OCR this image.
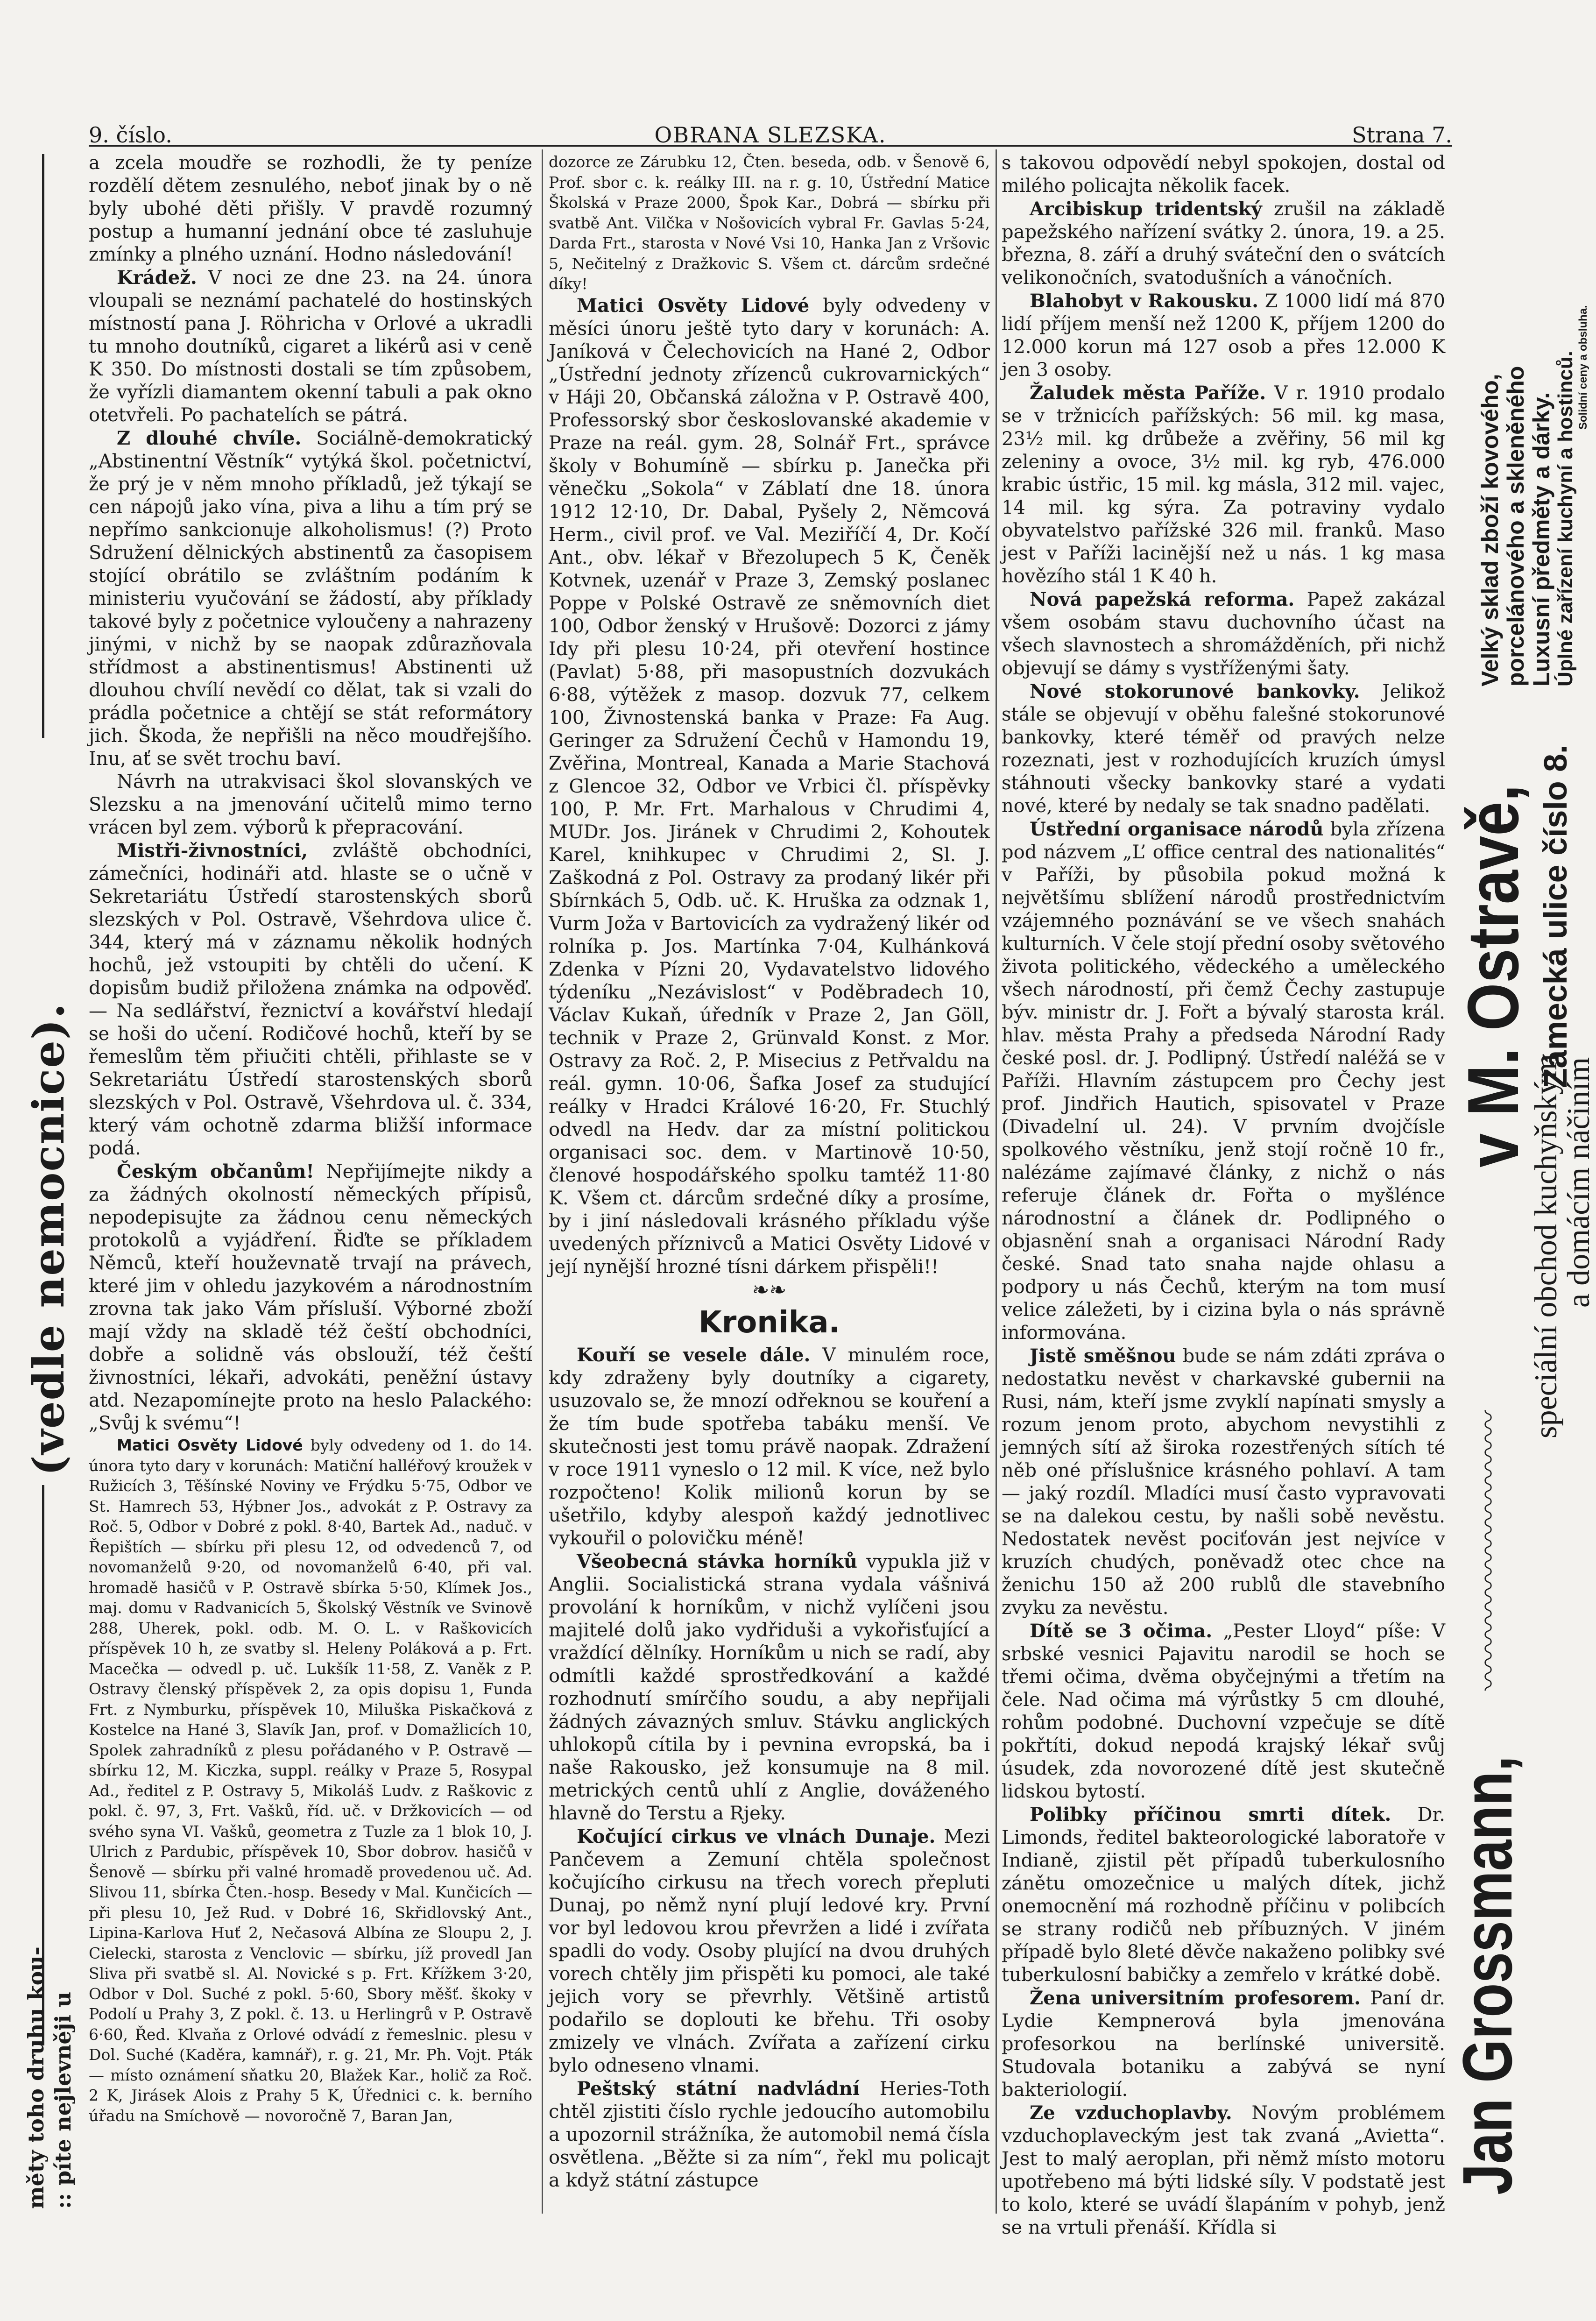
9. číslo.	OBRANA SLEZSKA.	Strana 7.
(vedle nemocnice).
měty toho druhu kou- :: píte nejlevněji u

a zcela moudře se rozhodli, že ty peníze rozdělí dětem zesnulého, neboť jinak by o ně byly ubohé děti přišly. V pravdě rozumný postup a humanní jednání obce té zasluhuje zmínky a plného uznání. Hodno následování!

Krádež. V noci ze dne 23. na 24. února vloupali se neznámí pachatelé do hostinských místností pana J. Röhricha v Orlové a ukradli tu mnoho doutníků, cigaret a likérů asi v ceně K 350. Do místnosti dostali se tím způsobem, že vyřízli diamantem okenní tabuli a pak okno otetvřeli. Po pachatelích se pátrá.

Z dlouhé chvíle. Sociálně-demokratický „Abstinentní Věstník“ vytýká škol. početnictví, že prý je v něm mnoho příkladů, jež týkají se cen nápojů jako vína, piva a lihu a tím prý se nepřímo sankcionuje alkoholismus! (?) Proto Sdružení dělnických abstinentů za časopisem stojící obrátilo se zvláštním podáním k ministeriu vyučování se žádostí, aby příklady takové byly z početnice vyloučeny a nahrazeny jinými, v nichž by se naopak zdůrazňovala střídmost a abstinentismus! Abstinenti už dlouhou chvílí nevědí co dělat, tak si vzali do prádla početnice a chtějí se stát reformátory jich. Škoda, že nepřišli na něco moudřejšího. Inu, ať se svět trochu baví.

Návrh na utrakvisaci škol slovanských ve Slezsku a na jmenování učitelů mimo terno vrácen byl zem. výborů k přepracování.

Mistři-živnostníci, zvláště obchodníci, zámečníci, hodináři atd. hlaste se o učně v Sekretariátu Ústředí starostenských sborů slezských v Pol. Ostravě, Všehrdova ulice č. 344, který má v záznamu několik hodných hochů, jež vstoupiti by chtěli do učení. K dopisům budiž přiložena známka na odpověď. — Na sedlářství, řeznictví a kovářství hledají se hoši do učení. Rodičové hochů, kteří by se řemeslům těm přiučiti chtěli, přihlaste se v Sekretariátu Ústředí starostenských sborů slezských v Pol. Ostravě, Všehrdova ul. č. 334, který vám ochotně zdarma bližší informace podá.

Českým občanům! Nepřijímejte nikdy a za žádných okolností německých přípisů, nepodepisujte za žádnou cenu německých protokolů a vyjádření. Řiďte se příkladem Němců, kteří houževnatě trvají na právech, které jim v ohledu jazykovém a národnostním zrovna tak jako Vám přísluší. Výborné zboží mají vždy na skladě též čeští obchodníci, dobře a solidně vás obslouží, též čeští živnostníci, lékaři, advokáti, peněžní ústavy atd. Nezapomínejte proto na heslo Palackého: „Svůj k svému“!

Matici Osvěty Lidové byly odvedeny od 1. do 14. února tyto dary v korunách: Matiční halléřový kroužek v Ružicích 3, Těšínské Noviny ve Frýdku 5·75, Odbor ve St. Hamrech 53, Hýbner Jos., advokát z P. Ostravy za Roč. 5, Odbor v Dobré z pokl. 8·40, Bartek Ad., naduč. v Řepištích — sbírku při plesu 12, od odvedenců 7, od novomanželů 9·20, od novomanželů 6·40, při val. hromadě hasičů v P. Ostravě sbírka 5·50, Klímek Jos., maj. domu v Radvanicích 5, Školský Věstník ve Svinově 288, Uherek, pokl. odb. M. O. L. v Raškovicích příspěvek 10 h, ze svatby sl. Heleny Poláková a p. Frt. Macečka — odvedl p. uč. Lukšík 11·58, Z. Vaněk z P. Ostravy členský příspěvek 2, za opis dopisu 1, Funda Frt. z Nymburku, příspěvek 10, Miluška Piskačková z Kostelce na Hané 3, Slavík Jan, prof. v Domažlicích 10, Spolek zahradníků z plesu pořádaného v P. Ostravě — sbírku 12, M. Kiczka, suppl. reálky v Praze 5, Rosypal Ad., ředitel z P. Ostravy 5, Mikoláš Ludv. z Raškovic z pokl. č. 97, 3, Frt. Vašků, říd. uč. v Držkovicích — od svého syna VI. Vašků, geometra z Tuzle za 1 blok 10, J. Ulrich z Pardubic, příspěvek 10, Sbor dobrov. hasičů v Šenově — sbírku při valné hromadě provedenou uč. Ad. Slivou 11, sbírka Čten.-hosp. Besedy v Mal. Kunčicích — při plesu 10, Jež Rud. v Dobré 16, Skřidlovský Ant., Lipina-Karlova Huť 2, Nečasová Albína ze Sloupu 2, J. Cielecki, starosta z Venclovic — sbírku, jíž provedl Jan Sliva při svatbě sl. Al. Novické s p. Frt. Křížkem 3·20, Odbor v Dol. Suché z pokl. 5·60, Sbory měšť. škoky v Podolí u Prahy 3, Z pokl. č. 13. u Herlingrů v P. Ostravě 6·60, Řed. Klvaňa z Orlové odvádí z řemeslnic. plesu v Dol. Suché (Kaděra, kamnář), r. g. 21, Mr. Ph. Vojt. Pták — místo oznámení sňatku 20, Blažek Kar., holič za Roč. 2 K, Jirásek Alois z Prahy 5 K, Úřednici c. k. berního úřadu na Smíchově — novoročně 7, Baran Jan,

dozorce ze Zárubku 12, Čten. beseda, odb. v Šenově 6, Prof. sbor c. k. reálky III. na r. g. 10, Ústřední Matice Školská v Praze 2000, Špok Kar., Dobrá — sbírku při svatbě Ant. Vilčka v Nošovicích vybral Fr. Gavlas 5·24, Darda Frt., starosta v Nové Vsi 10, Hanka Jan z Vršovic 5, Nečitelný z Dražkovic S. Všem ct. dárcům srdečné díky!

Matici Osvěty Lidové byly odvedeny v měsíci únoru ještě tyto dary v korunách: A. Janíková v Čelechovicích na Hané 2, Odbor „Ústřední jednoty zřízenců cukrovarnických“ v Háji 20, Občanská záložna v P. Ostravě 400, Professorský sbor českoslovanské akademie v Praze na reál. gym. 28, Solnář Frt., správce školy v Bohumíně — sbírku p. Janečka při věnečku „Sokola“ v Záblatí dne 18. února 1912 12·10, Dr. Dabal, Pyšely 2, Němcová Herm., civil prof. ve Val. Meziříčí 4, Dr. Kočí Ant., obv. lékař v Březolupech 5 K, Čeněk Kotvnek, uzenář v Praze 3, Zemský poslanec Poppe v Polské Ostravě ze sněmovních diet 100, Odbor ženský v Hrušově: Dozorci z jámy Idy při plesu 10·24, při otevření hostince (Pavlat) 5·88, při masopustních dozvukách 6·88, výtěžek z masop. dozvuk 77, celkem 100, Živnostenská banka v Praze: Fa Aug. Geringer za Sdružení Čechů v Hamondu 19, Zvěřina, Montreal, Kanada a Marie Stachová z Glencoe 32, Odbor ve Vrbici čl. příspěvky 100, P. Mr. Frt. Marhalous v Chrudimi 4, MUDr. Jos. Jiránek v Chrudimi 2, Kohoutek Karel, knihkupec v Chrudimi 2, Sl. J. Zaškodná z Pol. Ostravy za prodaný likér při Sbírnkách 5, Odb. uč. K. Hruška za odznak 1, Vurm Joža v Bartovicích za vydražený likér od rolníka p. Jos. Martínka 7·04, Kulhánková Zdenka v Pízni 20, Vydavatelstvo lidového týdeníku „Nezávislost“ v Poděbradech 10, Václav Kukaň, úředník v Praze 2, Jan Göll, technik v Praze 2, Grünvald Konst. z Mor. Ostravy za Roč. 2, P. Misecius z Petřvaldu na reál. gymn. 10·06, Šafka Josef za studující reálky v Hradci Králové 16·20, Fr. Stuchlý odvedl na Hedv. dar za místní politickou organisaci soc. dem. v Martinově 10·50, členové hospodářského spolku tamtéž 11·80 K. Všem ct. dárcům srdečné díky a prosíme, by i jiní následovali krásného příkladu výše uvedených příznivců a Matici Osvěty Lidové v její nynější hrozné tísni dárkem přispěli!!

❧❧

Kronika.

Kouří se vesele dále. V minulém roce, kdy zdraženy byly doutníky a cigarety, usuzovalo se, že mnozí odřeknou se kouření a že tím bude spotřeba tabáku menší. Ve skutečnosti jest tomu právě naopak. Zdražení v roce 1911 vyneslo o 12 mil. K více, než bylo rozpočteno! Kolik milionů korun by se ušetřilo, kdyby alespoň každý jednotlivec vykouřil o polovičku méně!

Všeobecná stávka horníků vypukla již v Anglii. Socialistická strana vydala vášnivá provolání k horníkům, v nichž vylíčeni jsou majitelé dolů jako vydřiduši a vykořisťující a vraždící dělníky. Horníkům u nich se radí, aby odmítli každé sprostředkování a každé rozhodnutí smírčího soudu, a aby nepřijali žádných závazných smluv. Stávku anglických uhlokopů cítila by i pevnina evropská, ba i naše Rakousko, jež konsumuje na 8 mil. metrických centů uhlí z Anglie, dováženého hlavně do Terstu a Rjeky.

Kočující cirkus ve vlnách Dunaje. Mezi Pančevem a Zemuní chtěla společnost kočujícího cirkusu na třech vorech přepluti Dunaj, po němž nyní plují ledové kry. První vor byl ledovou krou převržen a lidé i zvířata spadli do vody. Osoby plující na dvou druhých vorech chtěly jim přispěti ku pomoci, ale také jejich vory se převrhly. Většině artistů podařilo se doplouti ke břehu. Tři osoby zmizely ve vlnách. Zvířata a zařízení cirku bylo odneseno vlnami.

Peštský státní nadvládní Heries-Toth chtěl zjistiti číslo rychle jedoucího automobilu a upozornil strážníka, že automobil nemá čísla osvětlena. „Běžte si za ním“, řekl mu policajt a když státní zástupce

s takovou odpovědí nebyl spokojen, dostal od milého policajta několik facek.

Arcibiskup tridentský zrušil na základě papežského nařízení svátky 2. února, 19. a 25. března, 8. září a druhý sváteční den o svátcích velikonočních, svatodušních a vánočních.

Blahobyt v Rakousku. Z 1000 lidí má 870 lidí příjem menší než 1200 K, příjem 1200 do 12.000 korun má 127 osob a přes 12.000 K jen 3 osoby.

Žaludek města Paříže. V r. 1910 prodalo se v tržnicích pařížských: 56 mil. kg masa, 23½ mil. kg drůbeže a zvěřiny, 56 mil kg zeleniny a ovoce, 3½ mil. kg ryb, 476.000 krabic ústřic, 15 mil. kg másla, 312 mil. vajec, 14 mil. kg sýra. Za potraviny vydalo obyvatelstvo pařížské 326 mil. franků. Maso jest v Paříži lacinější než u nás. 1 kg masa hovězího stál 1 K 40 h.

Nová papežská reforma. Papež zakázal všem osobám stavu duchovního účast na všech slavnostech a shromážděních, při nichž objevují se dámy s vystříženými šaty.

Nové stokorunové bankovky. Jelikož stále se objevují v oběhu falešné stokorunové bankovky, které téměř od pravých nelze rozeznati, jest v rozhodujících kruzích úmysl stáhnouti všecky bankovky staré a vydati nové, které by nedaly se tak snadno padělati.

Ústřední organisace národů byla zřízena pod názvem „L’ office central des nationalités“ v Paříži, by působila pokud možná k největšímu sblížení národů prostřednictvím vzájemného poznávání se ve všech snahách kulturních. V čele stojí přední osoby světového života politického, vědeckého a uměleckého všech národností, při čemž Čechy zastupuje býv. ministr dr. J. Fořt a bývalý starosta král. hlav. města Prahy a předseda Národní Rady české posl. dr. J. Podlipný. Ústředí naléžá se v Paříži. Hlavním zástupcem pro Čechy jest prof. Jindřich Hautich, spisovatel v Praze (Divadelní ul. 24). V prvním dvojčísle spolkového věstníku, jenž stojí ročně 10 fr., nalézáme zajímavé články, z nichž o nás referuje článek dr. Fořta o myšlénce národnostní a článek dr. Podlipného o objasnění snah a organisaci Národní Rady české. Snad tato snaha najde ohlasu a podpory u nás Čechů, kterým na tom musí velice záležeti, by i cizina byla o nás správně informována.

Jistě směšnou bude se nám zdáti zpráva o nedostatku nevěst v charkavské gubernii na Rusi, nám, kteří jsme zvyklí napínati smysly a rozum jenom proto, abychom nevystihli z jemných sítí až široka rozestřených sítích té něb oné příslušnice krásného pohlaví. A tam — jaký rozdíl. Mladíci musí často vypravovati se na dalekou cestu, by našli sobě nevěstu. Nedostatek nevěst pociťován jest nejvíce v kruzích chudých, poněvadž otec chce na ženichu 150 až 200 rublů dle stavebního zvyku za nevěstu.

Dítě se 3 očima. „Pester Lloyd“ píše: V srbské vesnici Pajavitu narodil se hoch se třemi očima, dvěma obyčejnými a třetím na čele. Nad očima má výrůstky 5 cm dlouhé, rohům podobné. Duchovní vzpečuje se dítě pokřtíti, dokud nepodá krajský lékař svůj úsudek, zda novorozené dítě jest skutečně lidskou bytostí.

Polibky příčinou smrti dítek. Dr. Limonds, ředitel bakteorologické laboratoře v Indianě, zjistil pět případů tuberkulosního zánětu omozečnice u malých dítek, jichž onemocnění má rozhodně příčinu v polibcích se strany rodičů neb příbuzných. V jiném případě bylo 8leté děvče nakaženo polibky své tuberkulosní babičky a zemřelo v krátké době.

Žena universitním profesorem. Paní dr. Lydie Kempnerová byla jmenována profesorkou na berlínské universitě. Studovala botaniku a zabývá se nyní bakteriologií.

Ze vzduchoplavby. Novým problémem vzduchoplaveckým jest tak zvaná „Avietta“. Jest to malý aeroplan, při němž místo motoru upotřebeno má býti lidské síly. V podstatě jest to kolo, které se uvádí šlapáním v pohyb, jenž se na vrtuli přenáší. Křídla si

Jan Grossmann,
speciální obchod kuchyňským
a domácím náčiním
v M. Ostravě, Zámecká ulice číslo 8.
Velký sklad zboží kovového, porcelánového a skleněného Luxusní předměty a dárky. Úplné zařízení kuchyní a hostinců. Solidní ceny a obsluha.
〰〰〰〰〰〰〰〰〰〰
